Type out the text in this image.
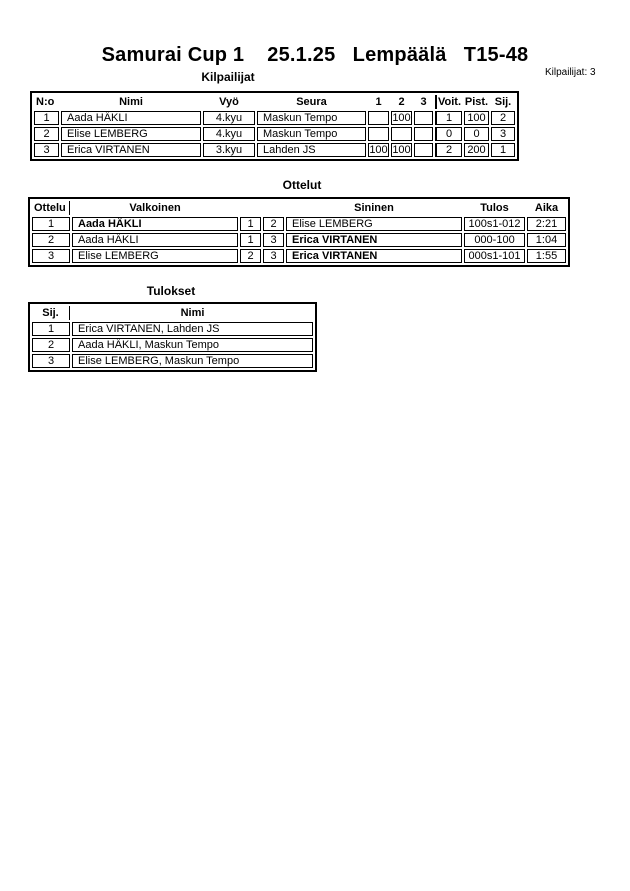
Samurai Cup 1    25.1.25   Lempäälä   T15-48
Kilpailijat: 3
Kilpailijat
N:o	Nimi	Vyö	Seura	1	2	3	Voit.	Pist.	Sij.
1	Aada HÄKLI	4.kyu	Maskun Tempo		100		1	100	2
2	Elise LEMBERG	4.kyu	Maskun Tempo				0	0	3
3	Erica VIRTANEN	3.kyu	Lahden JS	100	100		2	200	1
Ottelut
Ottelu	Valkoinen			Sininen	Tulos	Aika
1	Aada HÄKLI	1	2	Elise LEMBERG	100s1-012	2:21
2	Aada HÄKLI	1	3	Erica VIRTANEN	000-100	1:04
3	Elise LEMBERG	2	3	Erica VIRTANEN	000s1-101	1:55
Tulokset
Sij.	Nimi
1	Erica VIRTANEN, Lahden JS
2	Aada HÄKLI, Maskun Tempo
3	Elise LEMBERG, Maskun Tempo
